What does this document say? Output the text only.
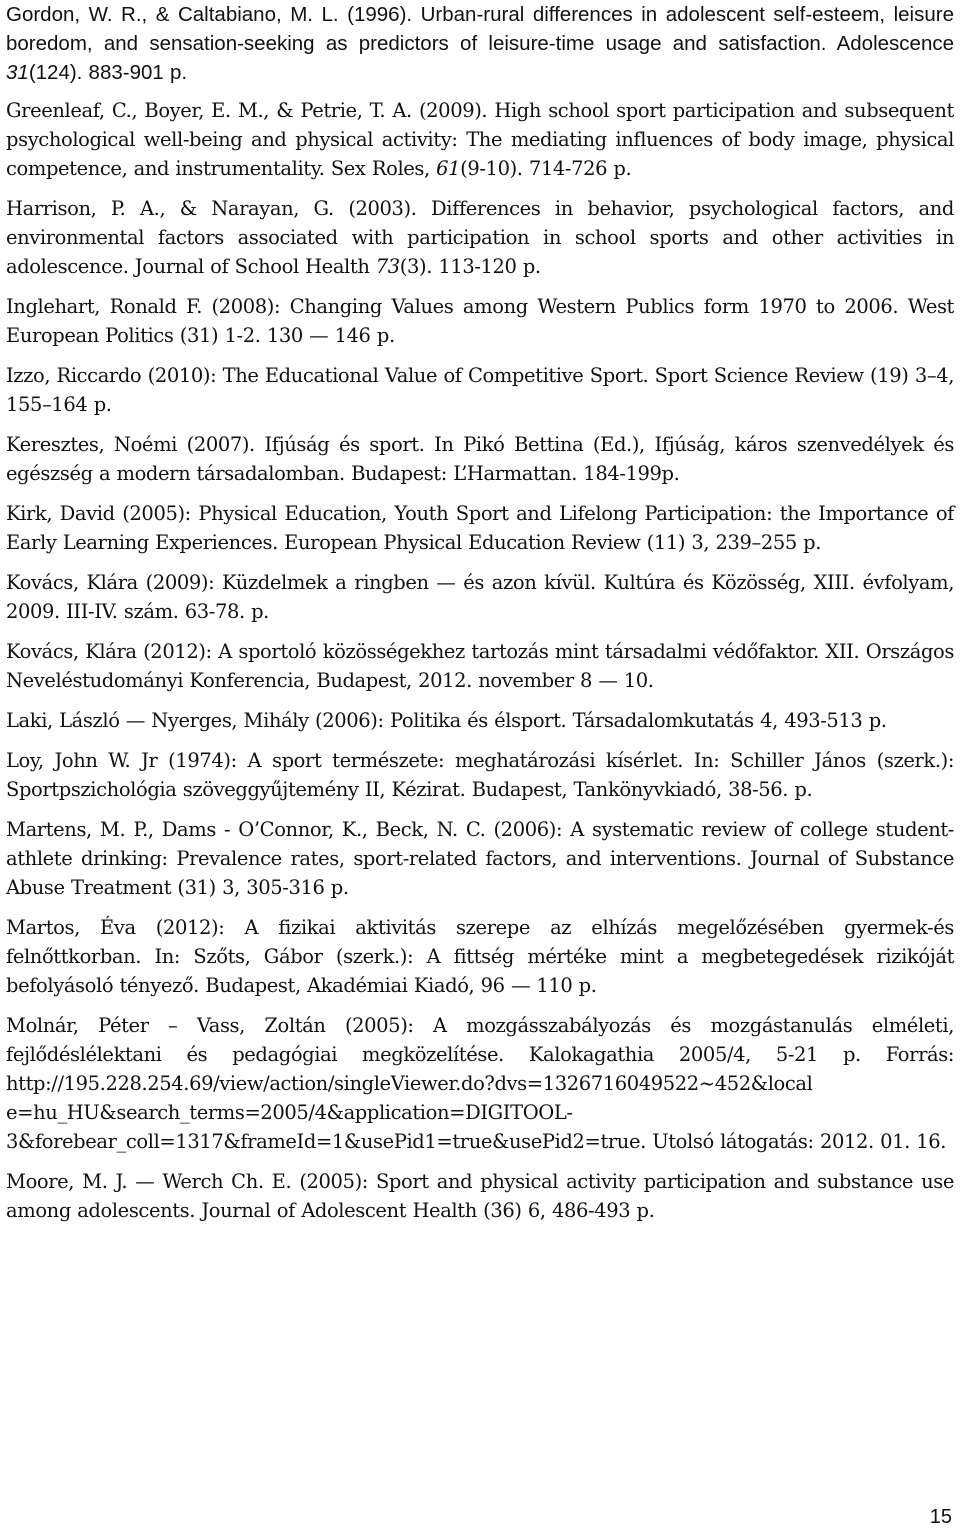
Gordon, W. R., & Caltabiano, M. L. (1996). Urban-rural differences in adolescent self-esteem, leisure boredom, and sensation-seeking as predictors of leisure-time usage and satisfaction. Adolescence 31(124). 883-901 p.

Greenleaf, C., Boyer, E. M., & Petrie, T. A. (2009). High school sport participation and subsequent psychological well-being and physical activity: The mediating influences of body image, physical competence, and instrumentality. Sex Roles, 61(9-10). 714-726 p.

Harrison, P. A., & Narayan, G. (2003). Differences in behavior, psychological factors, and environmental factors associated with participation in school sports and other activities in adolescence. Journal of School Health 73(3). 113-120 p.

Inglehart, Ronald F. (2008): Changing Values among Western Publics form 1970 to 2006. West European Politics (31) 1-2. 130 — 146 p.

Izzo, Riccardo (2010): The Educational Value of Competitive Sport. Sport Science Review (19) 3–4, 155–164 p.

Keresztes, Noémi (2007). Ifjúság és sport. In Pikó Bettina (Ed.), Ifjúság, káros szenvedélyek és egészség a modern társadalomban. Budapest: L’Harmattan. 184-199p.

Kirk, David (2005): Physical Education, Youth Sport and Lifelong Participation: the Importance of Early Learning Experiences. European Physical Education Review (11) 3, 239–255 p.

Kovács, Klára (2009): Küzdelmek a ringben — és azon kívül. Kultúra és Közösség, XIII. évfolyam, 2009. III-IV. szám. 63-78. p.

Kovács, Klára (2012): A sportoló közösségekhez tartozás mint társadalmi védőfaktor. XII. Országos Neveléstudományi Konferencia, Budapest, 2012. november 8 — 10.

Laki, László — Nyerges, Mihály (2006): Politika és élsport. Társadalomkutatás 4, 493-513 p.

Loy, John W. Jr (1974): A sport természete: meghatározási kísérlet. In: Schiller János (szerk.): Sportpszichológia szöveggyűjtemény II, Kézirat. Budapest, Tankönyvkiadó, 38-56. p.

Martens, M. P., Dams - O’Connor, K., Beck, N. C. (2006): A systematic review of college student-athlete drinking: Prevalence rates, sport-related factors, and interventions. Journal of Substance Abuse Treatment (31) 3, 305-316 p.

Martos, Éva (2012): A fizikai aktivitás szerepe az elhízás megelőzésében gyermek-és felnőttkorban. In: Szőts, Gábor (szerk.): A fittség mértéke mint a megbetegedések rizikóját befolyásoló tényező. Budapest, Akadémiai Kiadó, 96 — 110 p.

Molnár, Péter – Vass, Zoltán (2005): A mozgásszabályozás és mozgástanulás elméleti, fejlődéslélektani és pedagógiai megközelítése. Kalokagathia 2005/4, 5-21 p. Forrás: http://195.228.254.69/view/action/singleViewer.do?dvs=1326716049522~452&local e=hu_HU&search_terms=2005/4&application=DIGITOOL-3&forebear_coll=1317&frameId=1&usePid1=true&usePid2=true. Utolsó látogatás: 2012. 01. 16.

Moore, M. J. — Werch Ch. E. (2005): Sport and physical activity participation and substance use among adolescents. Journal of Adolescent Health (36) 6, 486-493 p.

15
